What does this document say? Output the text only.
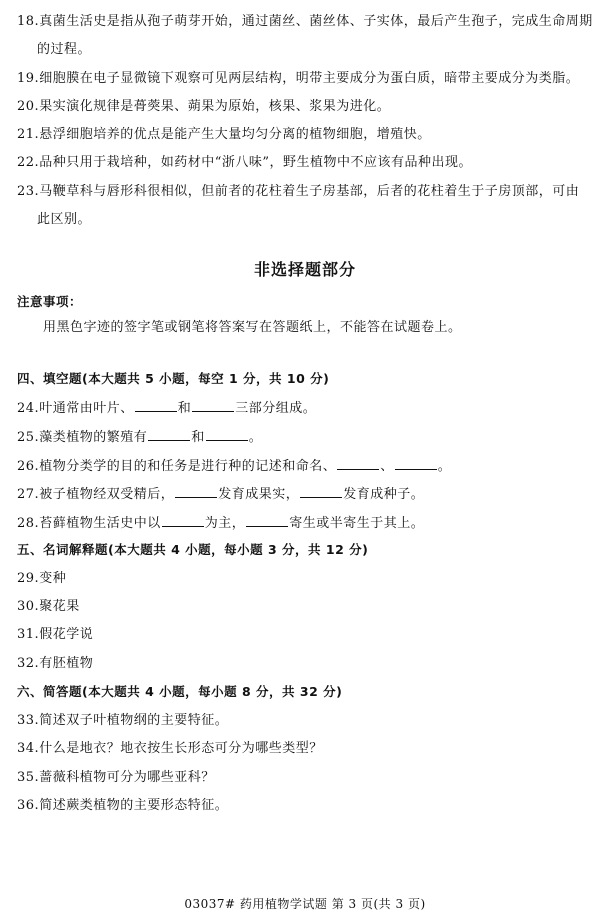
18.真菌生活史是指从孢子萌芽开始，通过菌丝、菌丝体、子实体，最后产生孢子，完成生命周期
的过程。
19.细胞膜在电子显微镜下观察可见两层结构，明带主要成分为蛋白质，暗带主要成分为类脂。
20.果实演化规律是蓇葖果、蒴果为原始，核果、浆果为进化。
21.悬浮细胞培养的优点是能产生大量均匀分离的植物细胞，增殖快。
22.品种只用于栽培种，如药材中“浙八味”，野生植物中不应该有品种出现。
23.马鞭草科与唇形科很相似，但前者的花柱着生子房基部，后者的花柱着生于子房顶部，可由
此区别。
非选择题部分
注意事项：
用黑色字迹的签字笔或钢笔将答案写在答题纸上，不能答在试题卷上。
四、填空题(本大题共 5 小题，每空 1 分，共 10 分)
24.叶通常由叶片、	和	三部分组成。
25.藻类植物的繁殖有	和	。
26.植物分类学的目的和任务是进行种的记述和命名、	、	。
27.被子植物经双受精后，	发育成果实，	发育成种子。
28.苔藓植物生活史中以	为主，	寄生或半寄生于其上。
五、名词解释题(本大题共 4 小题，每小题 3 分，共 12 分)
29.变种
30.聚花果
31.假花学说
32.有胚植物
六、简答题(本大题共 4 小题，每小题 8 分，共 32 分)
33.简述双子叶植物纲的主要特征。
34.什么是地衣？地衣按生长形态可分为哪些类型？
35.蔷薇科植物可分为哪些亚科？
36.简述蕨类植物的主要形态特征。
03037# 药用植物学试题 第 3 页(共 3 页)
